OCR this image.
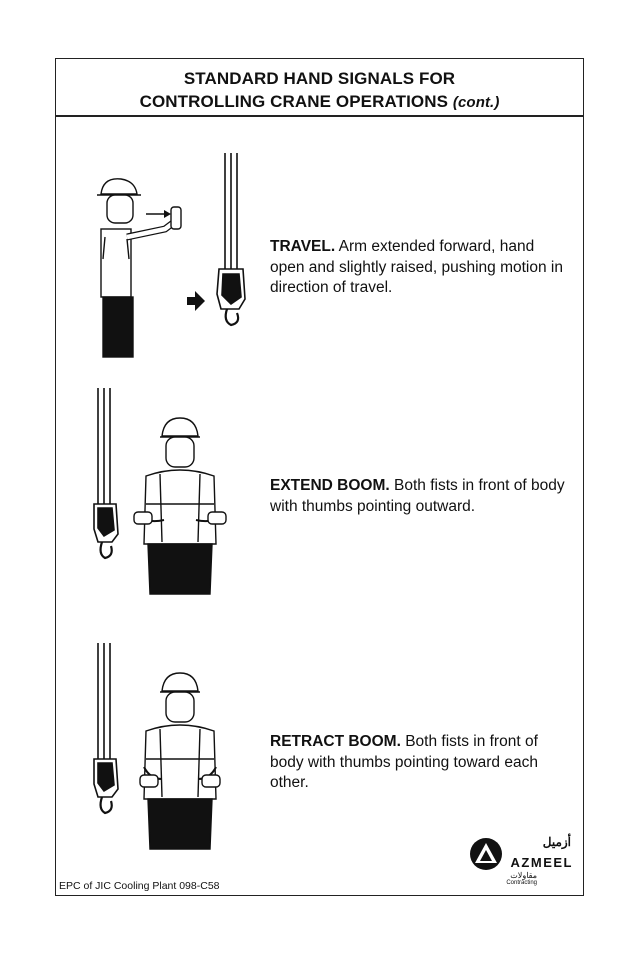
STANDARD HAND SIGNALS FOR
CONTROLLING CRANE OPERATIONS (cont.)
TRAVEL. Arm extended forward, hand open and slightly raised, pushing motion in direction of travel.
EXTEND BOOM. Both fists in front of body with thumbs pointing outward.
RETRACT BOOM. Both fists in front of body with thumbs pointing toward each other.
EPC of JIC Cooling Plant 098-C58
أزميل
AZMEEL
مقاولات
Contracting
